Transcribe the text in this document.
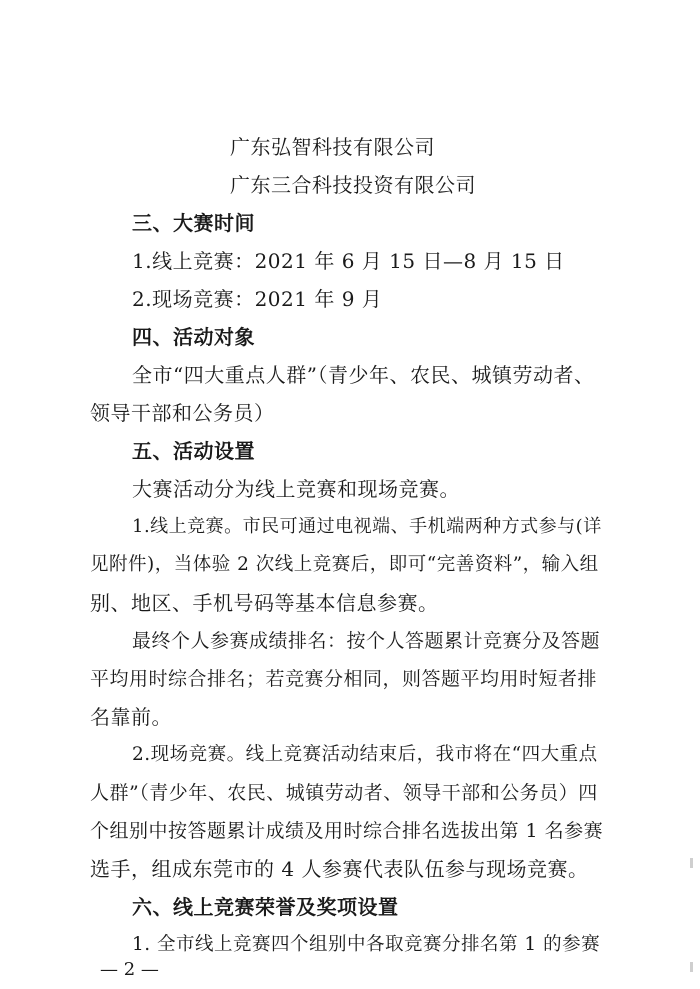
广东弘智科技有限公司
广东三合科技投资有限公司
三、大赛时间
1.线上竞赛：2021 年 6 月 15 日—8 月 15 日
2.现场竞赛：2021 年 9 月
四、活动对象
全市“四大重点人群”（青少年、农民、城镇劳动者、
领导干部和公务员）
五、活动设置
大赛活动分为线上竞赛和现场竞赛。
1.线上竞赛。市民可通过电视端、手机端两种方式参与(详
见附件)，当体验 2 次线上竞赛后，即可“完善资料”，输入组
别、地区、手机号码等基本信息参赛。
最终个人参赛成绩排名：按个人答题累计竞赛分及答题
平均用时综合排名；若竞赛分相同，则答题平均用时短者排
名靠前。
2.现场竞赛。线上竞赛活动结束后，我市将在“四大重点
人群”（青少年、农民、城镇劳动者、领导干部和公务员）四
个组别中按答题累计成绩及用时综合排名选拔出第 1 名参赛
选手，组成东莞市的 4 人参赛代表队伍参与现场竞赛。
六、线上竞赛荣誉及奖项设置
1. 全市线上竞赛四个组别中各取竞赛分排名第 1 的参赛
— 2 —
